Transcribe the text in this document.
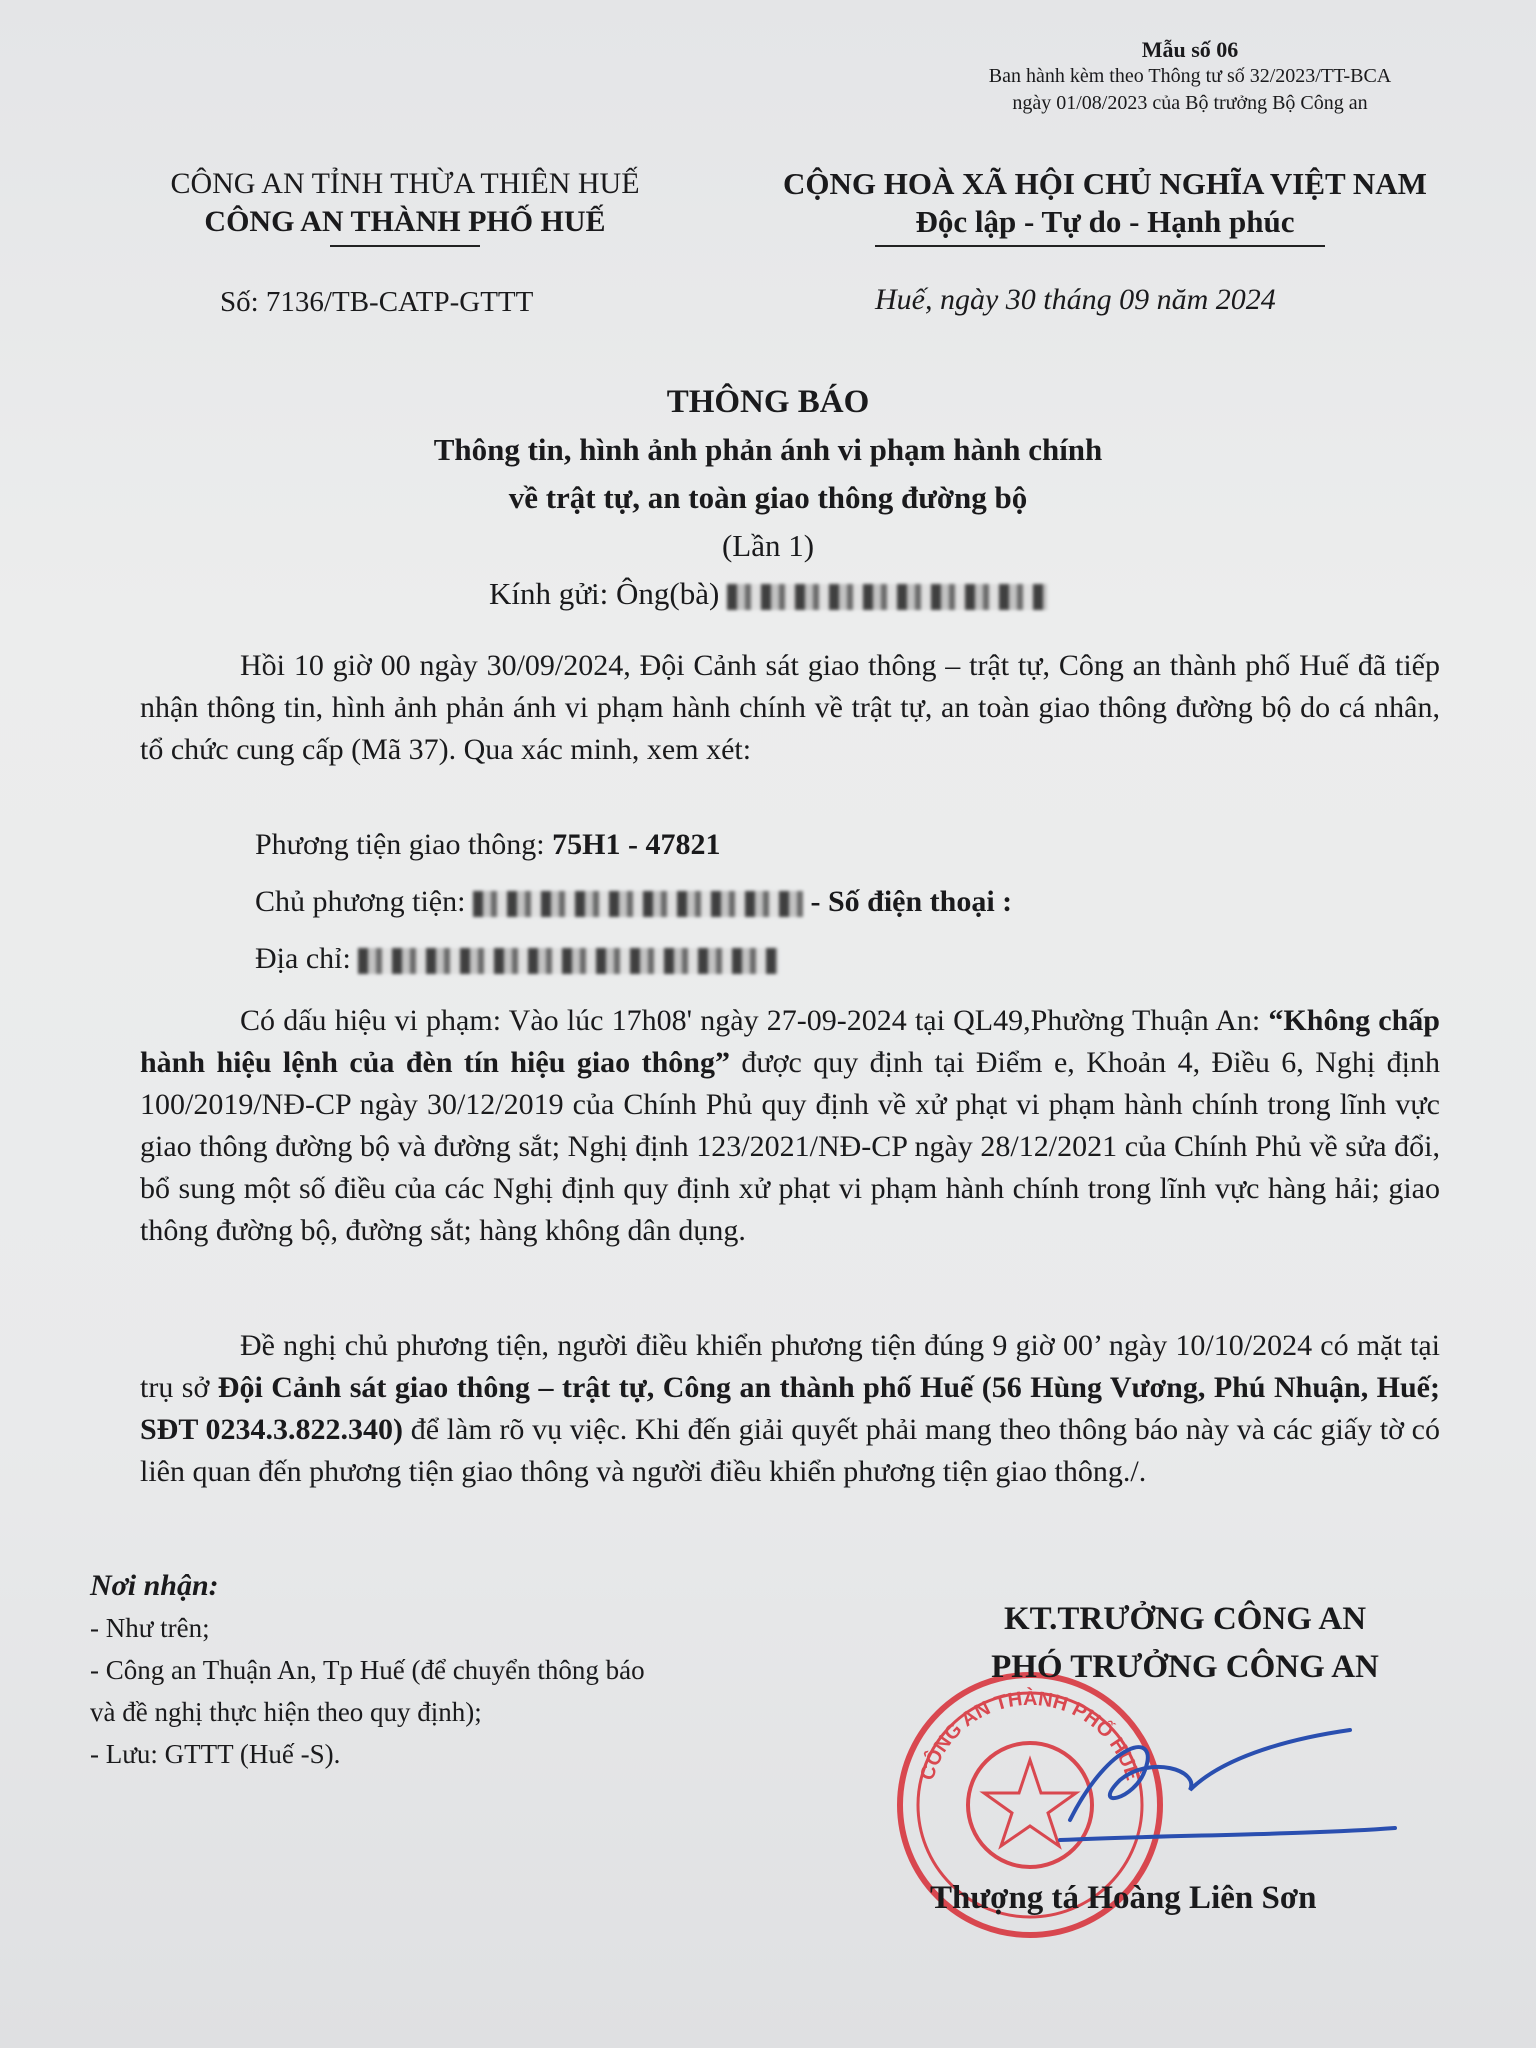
Mẫu số 06
Ban hành kèm theo Thông tư số 32/2023/TT-BCA
ngày 01/08/2023 của Bộ trưởng Bộ Công an
CÔNG AN TỈNH THỪA THIÊN HUẾ
CÔNG AN THÀNH PHỐ HUẾ
CỘNG HOÀ XÃ HỘI CHỦ NGHĨA VIỆT NAM
Độc lập - Tự do - Hạnh phúc
Số: 7136/TB-CATP-GTTT	Huế, ngày 30 tháng 09 năm 2024
THÔNG BÁO
Thông tin, hình ảnh phản ánh vi phạm hành chính
về trật tự, an toàn giao thông đường bộ
(Lần 1)
Kính gửi: Ông(bà)

Hồi 10 giờ 00 ngày 30/09/2024, Đội Cảnh sát giao thông – trật tự, Công an thành phố Huế đã tiếp nhận thông tin, hình ảnh phản ánh vi phạm hành chính về trật tự, an toàn giao thông đường bộ do cá nhân, tổ chức cung cấp (Mã 37). Qua xác minh, xem xét:

Phương tiện giao thông: 75H1 - 47821
Chủ phương tiện:	- Số điện thoại :
Địa chỉ:

Có dấu hiệu vi phạm: Vào lúc 17h08' ngày 27-09-2024 tại QL49,Phường Thuận An: “Không chấp hành hiệu lệnh của đèn tín hiệu giao thông” được quy định tại Điểm e, Khoản 4, Điều 6, Nghị định 100/2019/NĐ-CP ngày 30/12/2019 của Chính Phủ quy định về xử phạt vi phạm hành chính trong lĩnh vực giao thông đường bộ và đường sắt; Nghị định 123/2021/NĐ-CP ngày 28/12/2021 của Chính Phủ về sửa đổi, bổ sung một số điều của các Nghị định quy định xử phạt vi phạm hành chính trong lĩnh vực hàng hải; giao thông đường bộ, đường sắt; hàng không dân dụng.

Đề nghị chủ phương tiện, người điều khiển phương tiện đúng 9 giờ 00’ ngày 10/10/2024 có mặt tại trụ sở Đội Cảnh sát giao thông – trật tự, Công an thành phố Huế (56 Hùng Vương, Phú Nhuận, Huế; SĐT 0234.3.822.340) để làm rõ vụ việc. Khi đến giải quyết phải mang theo thông báo này và các giấy tờ có liên quan đến phương tiện giao thông và người điều khiển phương tiện giao thông./.

Nơi nhận:
- Như trên;
- Công an Thuận An, Tp Huế (để chuyển thông báo
và đề nghị thực hiện theo quy định);
- Lưu: GTTT (Huế -S).
CÔNG AN THÀNH PHỐ HUẾ
KT.TRƯỞNG CÔNG AN
PHÓ TRƯỞNG CÔNG AN
Thượng tá Hoàng Liên Sơn
